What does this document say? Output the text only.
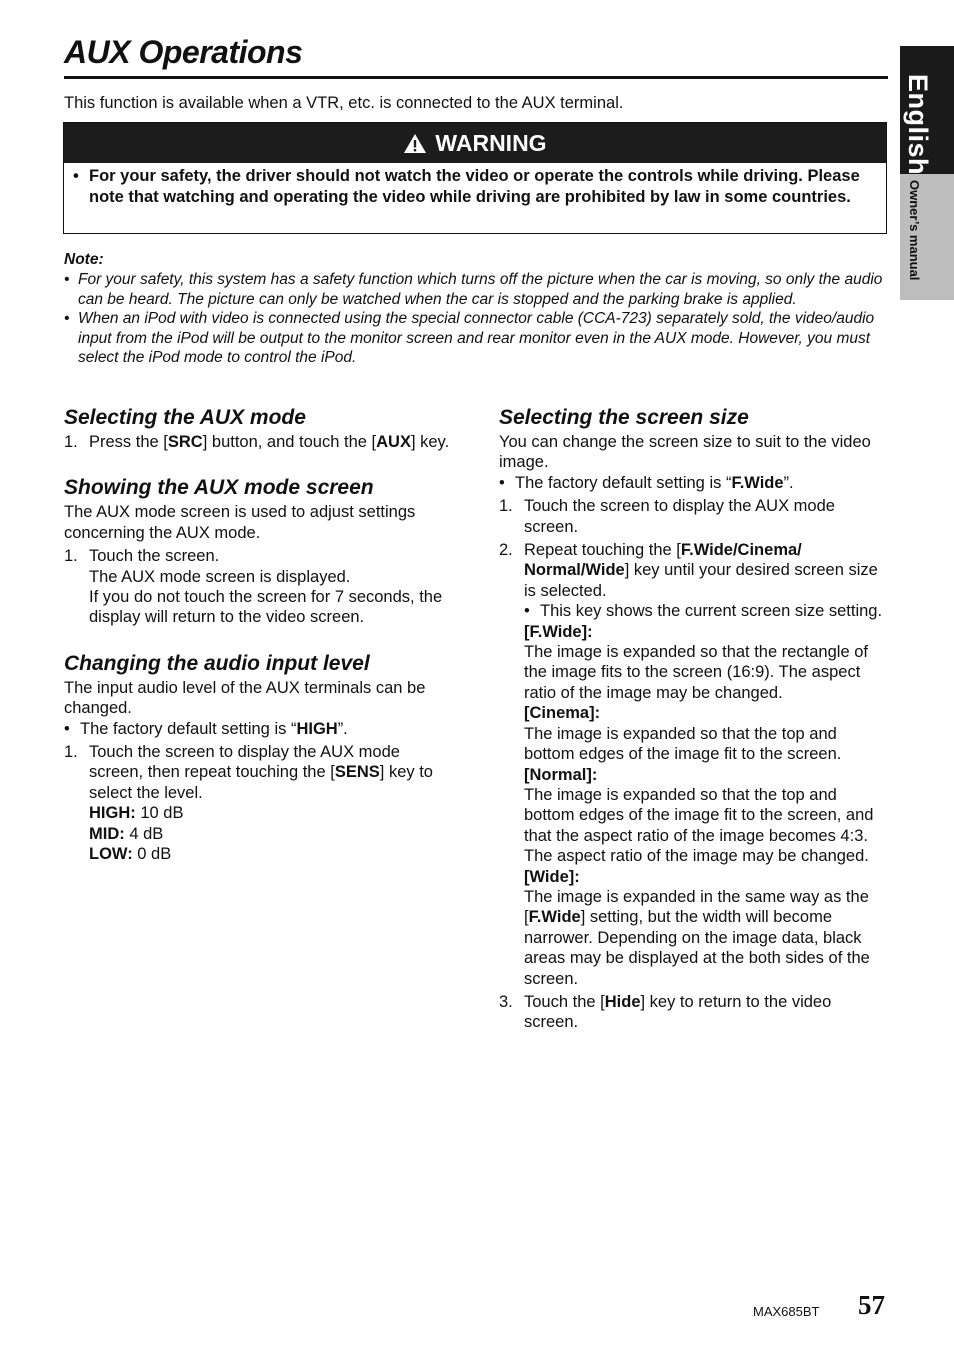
AUX Operations
This function is available when a VTR, etc. is connected to the AUX terminal.	English
Owner’s manual
WARNING
• For your safety, the driver should not watch the video or operate the controls while driving. Please note that watching and operating the video while driving are prohibited by law in some countries.
Note:
• For your safety, this system has a safety function which turns off the picture when the car is moving, so only the audio can be heard. The picture can only be watched when the car is stopped and the parking brake is applied.
• When an iPod with video is connected using the special connector cable (CCA-723) separately sold, the video/audio input from the iPod will be output to the monitor screen and rear monitor even in the AUX mode. However, you must select the iPod mode to control the iPod.
Selecting the AUX mode
1. Press the [SRC] button, and touch the [AUX] key.
Showing the AUX mode screen

The AUX mode screen is used to adjust settings concerning the AUX mode.

1. Touch the screen.
The AUX mode screen is displayed.
If you do not touch the screen for 7 seconds, the display will return to the video screen.
Changing the audio input level

The input audio level of the AUX terminals can be changed.

• The factory default setting is “HIGH”.
1. Touch the screen to display the AUX mode screen, then repeat touching the [SENS] key to select the level.
HIGH: 10 dB
MID: 4 dB
LOW: 0 dB
Selecting the screen size

You can change the screen size to suit to the video image.

• The factory default setting is “F.Wide”.
1. Touch the screen to display the AUX mode screen.
2. Repeat touching the [F.Wide/Cinema/ Normal/Wide] key until your desired screen size is selected.
• This key shows the current screen size setting.
[F.Wide]:
The image is expanded so that the rectangle of the image fits to the screen (16:9). The aspect ratio of the image may be changed.
[Cinema]:
The image is expanded so that the top and bottom edges of the image fit to the screen.
[Normal]:
The image is expanded so that the top and bottom edges of the image fit to the screen, and that the aspect ratio of the image becomes 4:3. The aspect ratio of the image may be changed.
[Wide]:
The image is expanded in the same way as the [F.Wide] setting, but the width will become narrower. Depending on the image data, black areas may be displayed at the both sides of the screen.
3. Touch the [Hide] key to return to the video screen.
MAX685BT 57
